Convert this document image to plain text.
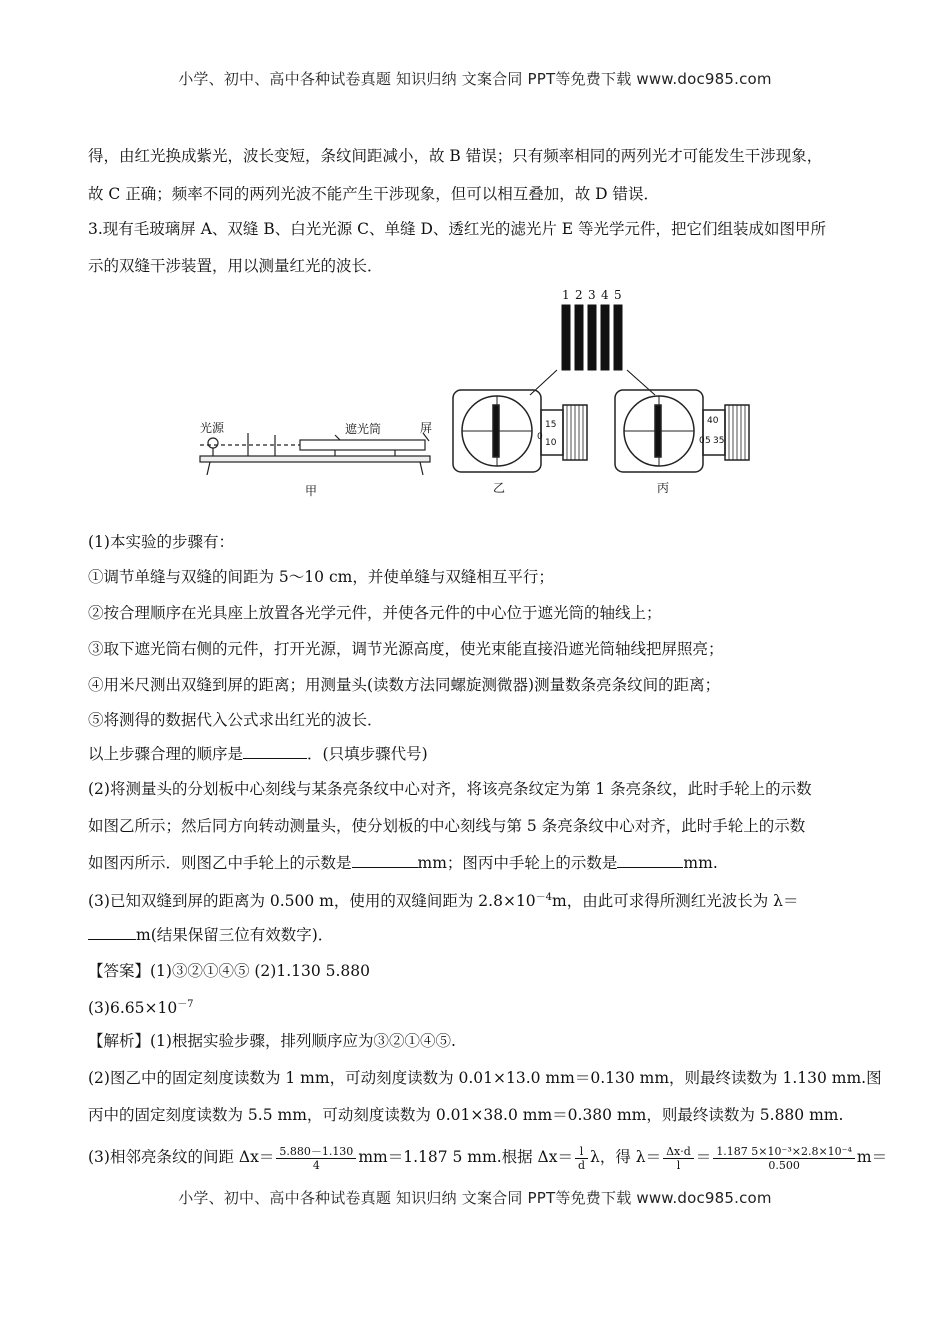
小学、初中、高中各种试卷真题 知识归纳 文案合同 PPT等免费下载 www.doc985.com
得，由红光换成紫光，波长变短，条纹间距减小，故 B 错误；只有频率相同的两列光才可能发生干涉现象，
故 C 正确；频率不同的两列光波不能产生干涉现象，但可以相互叠加，故 D 错误．
3.现有毛玻璃屏 A、双缝 B、白光光源 C、单缝 D、透红光的滤光片 E 等光学元件，把它们组装成如图甲所
示的双缝干涉装置，用以测量红光的波长．
1 2 3 4 5
光源	遮光筒	屏
甲	乙	丙
15
0
10
40
0 5 35
(1)本实验的步骤有：
①调节单缝与双缝的间距为 5～10 cm，并使单缝与双缝相互平行；
②按合理顺序在光具座上放置各光学元件，并使各元件的中心位于遮光筒的轴线上；
③取下遮光筒右侧的元件，打开光源，调节光源高度，使光束能直接沿遮光筒轴线把屏照亮；
④用米尺测出双缝到屏的距离；用测量头(读数方法同螺旋测微器)测量数条亮条纹间的距离；
⑤将测得的数据代入公式求出红光的波长．
以上步骤合理的顺序是	．(只填步骤代号)
(2)将测量头的分划板中心刻线与某条亮条纹中心对齐，将该亮条纹定为第 1 条亮条纹，此时手轮上的示数
如图乙所示；然后同方向转动测量头，使分划板的中心刻线与第 5 条亮条纹中心对齐，此时手轮上的示数
如图丙所示．则图乙中手轮上的示数是	mm；图丙中手轮上的示数是	mm.
(3)已知双缝到屏的距离为 0.500 m，使用的双缝间距为 $2.8\times 10^{-4}m$，由此可求得所测红光波长为 λ＝
m(结果保留三位有效数字)．
【答案】(1)③②①④⑤ (2)1.130 5.880
$(3)6.65\times 10^{-7}$
【解析】(1)根据实验步骤，排列顺序应为③②①④⑤.
(2)图乙中的固定刻度读数为 1 mm，可动刻度读数为 0.01×13.0 mm＝0.130 mm，则最终读数为 1.130 mm.图
丙中的固定刻度读数为 5.5 mm，可动刻度读数为 0.01×38.0 mm＝0.380 mm，则最终读数为 5.880 mm.
(3)相邻亮条纹的间距 $\Delta x= \frac{5.880-1.130}{4} mm=1.187$ 5 mm.根据 $\Delta x= \frac{l}{d}$ λ，得 $\lambda= \frac{\Delta x\cdot d}{l} = \frac{\text{1.187 5×10⁻³×2.8×10⁻⁴}}{0.500} m=$
小学、初中、高中各种试卷真题 知识归纳 文案合同 PPT等免费下载 www.doc985.com
